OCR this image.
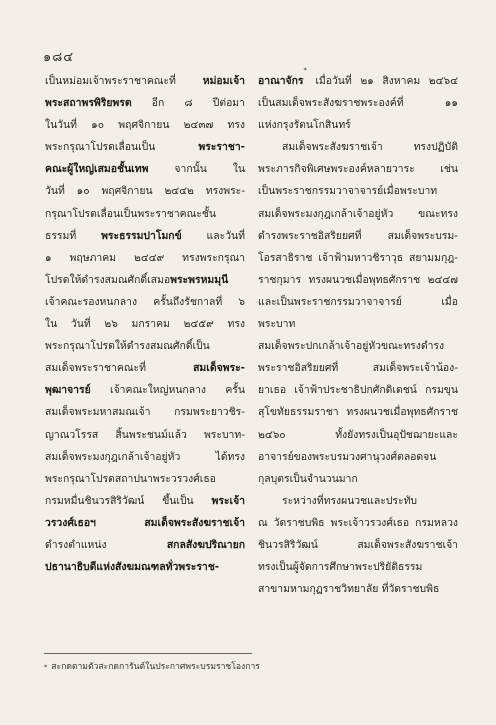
๑๘๔

เป็นหม่อมเจ้าพระราชาคณะที่ หม่อมเจ้า

พระสถาพรพิริยพรต อีก ๘ ปีต่อมา

ในวันที่ ๑๐ พฤศจิกายน ๒๔๓๗ ทรง

พระกรุณาโปรดเลื่อนเป็น พระราชา-

คณะผู้ใหญ่เสมอชั้นเทพ จากนั้น ใน

วันที่ ๑๐ พฤศจิกายน ๒๔๔๒ ทรงพระ-

กรุณาโปรดเลื่อนเป็นพระราชาคณะชั้น

ธรรมที่ พระธรรมปาโมกข์ และวันที่

๑ พฤษภาคม ๒๔๔๙ ทรงพระกรุณา

โปรดให้ดำรงสมณศักดิ์เสมอพระพรหมมุนี

เจ้าคณะรองหนกลาง ครั้นถึงรัชกาลที่ ๖

ใน วันที่ ๒๖ มกราคม ๒๔๕๙ ทรง

พระกรุณาโปรดให้ดำรงสมณศักดิ์เป็น

สมเด็จพระราชาคณะที่ สมเด็จพระ-

พุฒาจารย์ เจ้าคณะใหญ่หนกลาง ครั้น

สมเด็จพระมหาสมณเจ้า กรมพระยาวชิร-

ญาณวโรรส สิ้นพระชนม์แล้ว พระบาท-

สมเด็จพระมงกุฎเกล้าเจ้าอยู่หัว ได้ทรง

พระกรุณาโปรดสถาปนาพระวรวงศ์เธอ

กรมหมื่นชินวรสิริวัฒน์ ขึ้นเป็น พระเจ้า

วรวงศ์เธอฯ สมเด็จพระสังฆราชเจ้า

ดำรงตำแหน่ง สกลสังฆปริณายก

ปธานาธิบดีแห่งสังฆมณฑลทั่วพระราช-

อาณาจักร* เมื่อวันที่ ๒๑ สิงหาคม ๒๔๖๔

เป็นสมเด็จพระสังฆราชพระองค์ที่ ๑๑

แห่งกรุงรัตนโกสินทร์

สมเด็จพระสังฆราชเจ้า ทรงปฏิบัติ

พระภารกิจพิเศษพระองค์หลายวาระ เช่น

เป็นพระราชกรรมวาจาจารย์เมื่อพระบาท

สมเด็จพระมงกุฎเกล้าเจ้าอยู่หัว ขณะทรง

ดำรงพระราชอิสริยยศที่ สมเด็จพระบรม-

โอรสาธิราช เจ้าฟ้ามหาวชิราวุธ สยามมกุฎ-

ราชกุมาร ทรงผนวชเมื่อพุทธศักราช ๒๔๔๗

และเป็นพระราชกรรมวาจาจารย์ เมื่อพระบาท

สมเด็จพระปกเกล้าเจ้าอยู่หัวขณะทรงดำรง

พระราชอิสริยยศที่ สมเด็จพระเจ้าน้อง-

ยาเธอ เจ้าฟ้าประชาธิปกศักดิเดชน์ กรมขุน

สุโขทัยธรรมราชา ทรงผนวชเมื่อพุทธศักราช

๒๔๖๐ ทั้งยังทรงเป็นอุปัชฌายะและ

อาจารย์ของพระบรมวงศานุวงศ์ตลอดจน

กุลบุตรเป็นจำนวนมาก

ระหว่างที่ทรงผนวชและประทับ

ณ วัดราชบพิธ พระเจ้าวรวงศ์เธอ กรมหลวง

ชินวรสิริวัฒน์ สมเด็จพระสังฆราชเจ้า

ทรงเป็นผู้จัดการศึกษาพระปริยัติธรรม

สาขามหามกุฏราชวิทยาลัย ที่วัดราชบพิธ

* สะกดตามตัวสะกดการันต์ในประกาศพระบรมราชโองการ
